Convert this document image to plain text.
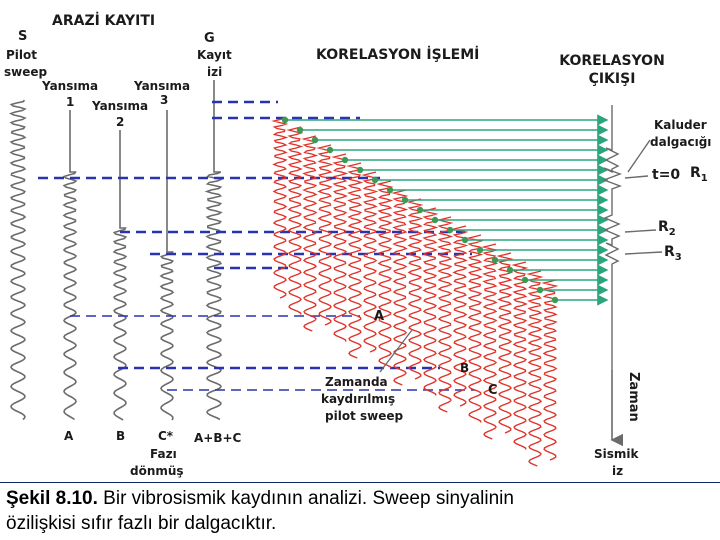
ARAZİ KAYITI
S
Pilot
sweep
G
Kayıt
izi
Yansıma
1 Yansıma
2
Yansıma
3
KORELASYON İŞLEMİ	KORELASYON
ÇIKIŞI
Kaluder
dalgacığı
t=0 $R_1$
$R_2$
$R_3$
A
B
C
Zamanda
kaydırılmış
pilot sweep	Zaman
A	B	C* A+B+C
Fazı
dönmüş
Sismik
iz
Şekil 8.10. Bir vibrosismik kaydının analizi. Sweep sinyalinin
özilişkisi sıfır fazlı bir dalgacıktır.
